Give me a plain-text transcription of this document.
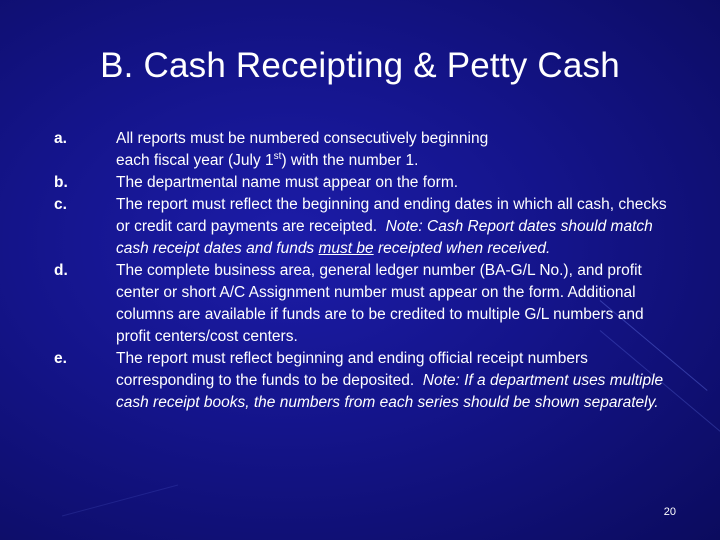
B. Cash Receipting & Petty Cash
a.	All reports must be numbered consecutively beginning
each fiscal year (July 1st) with the number 1.
b.	The departmental name must appear on the form.
c.	The report must reflect the beginning and ending dates in which all cash, checks or credit card payments are receipted. Note: Cash Report dates should match cash receipt dates and funds must be receipted when received.
d.	The complete business area, general ledger number (BA-G/L No.), and profit center or short A/C Assignment number must appear on the form. Additional columns are available if funds are to be credited to multiple G/L numbers and profit centers/cost centers.
e.	The report must reflect beginning and ending official receipt numbers corresponding to the funds to be deposited. Note: If a department uses multiple cash receipt books, the numbers from each series should be shown separately.
20
